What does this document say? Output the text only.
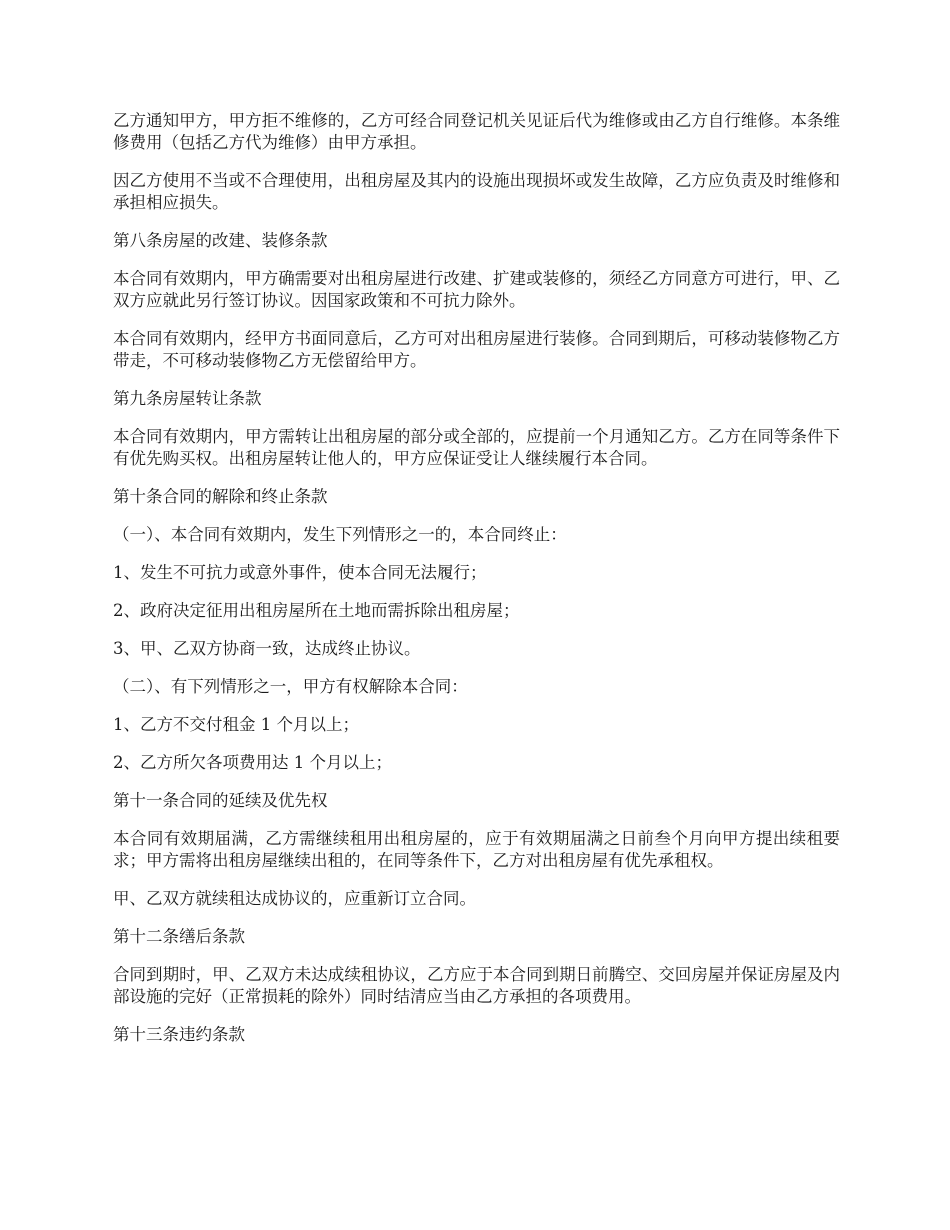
乙方通知甲方，甲方拒不维修的，乙方可经合同登记机关见证后代为维修或由乙方自行维修。本条维修费用（包括乙方代为维修）由甲方承担。

因乙方使用不当或不合理使用，出租房屋及其内的设施出现损坏或发生故障，乙方应负责及时维修和承担相应损失。

第八条房屋的改建、装修条款

本合同有效期内，甲方确需要对出租房屋进行改建、扩建或装修的，须经乙方同意方可进行，甲、乙双方应就此另行签订协议。因国家政策和不可抗力除外。

本合同有效期内，经甲方书面同意后，乙方可对出租房屋进行装修。合同到期后，可移动装修物乙方带走，不可移动装修物乙方无偿留给甲方。

第九条房屋转让条款

本合同有效期内，甲方需转让出租房屋的部分或全部的，应提前一个月通知乙方。乙方在同等条件下有优先购买权。出租房屋转让他人的，甲方应保证受让人继续履行本合同。

第十条合同的解除和终止条款

（一）、本合同有效期内，发生下列情形之一的，本合同终止：

1、发生不可抗力或意外事件，使本合同无法履行；

2、政府决定征用出租房屋所在土地而需拆除出租房屋；

3、甲、乙双方协商一致，达成终止协议。

（二）、有下列情形之一，甲方有权解除本合同：

1、乙方不交付租金 1 个月以上；

2、乙方所欠各项费用达 1 个月以上；

第十一条合同的延续及优先权

本合同有效期届满，乙方需继续租用出租房屋的，应于有效期届满之日前叁个月向甲方提出续租要求；甲方需将出租房屋继续出租的，在同等条件下，乙方对出租房屋有优先承租权。

甲、乙双方就续租达成协议的，应重新订立合同。

第十二条缮后条款

合同到期时，甲、乙双方未达成续租协议，乙方应于本合同到期日前腾空、交回房屋并保证房屋及内部设施的完好（正常损耗的除外）同时结清应当由乙方承担的各项费用。

第十三条违约条款
